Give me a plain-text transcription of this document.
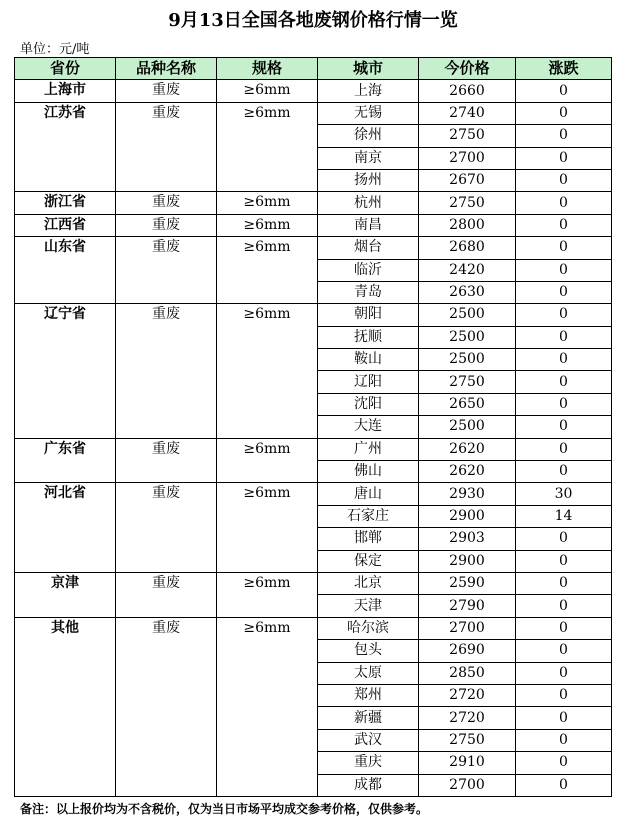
9月13日全国各地废钢价格行情一览
单位：元/吨
省份	品种名称	规格	城市	今价格	涨跌
上海市	重废	≥6mm	上海	2660	0
江苏省	重废	≥6mm	无锡	2740	0
			徐州	2750	0
			南京	2700	0
			扬州	2670	0
浙江省	重废	≥6mm	杭州	2750	0
江西省	重废	≥6mm	南昌	2800	0
山东省	重废	≥6mm	烟台	2680	0
			临沂	2420	0
			青岛	2630	0
辽宁省	重废	≥6mm	朝阳	2500	0
			抚顺	2500	0
			鞍山	2500	0
			辽阳	2750	0
			沈阳	2650	0
			大连	2500	0
广东省	重废	≥6mm	广州	2620	0
			佛山	2620	0
河北省	重废	≥6mm	唐山	2930	30
			石家庄	2900	14
			邯郸	2903	0
			保定	2900	0
京津	重废	≥6mm	北京	2590	0
			天津	2790	0
其他	重废	≥6mm	哈尔滨	2700	0
			包头	2690	0
			太原	2850	0
			郑州	2720	0
			新疆	2720	0
			武汉	2750	0
			重庆	2910	0
			成都	2700	0
备注：以上报价均为不含税价，仅为当日市场平均成交参考价格，仅供参考。
